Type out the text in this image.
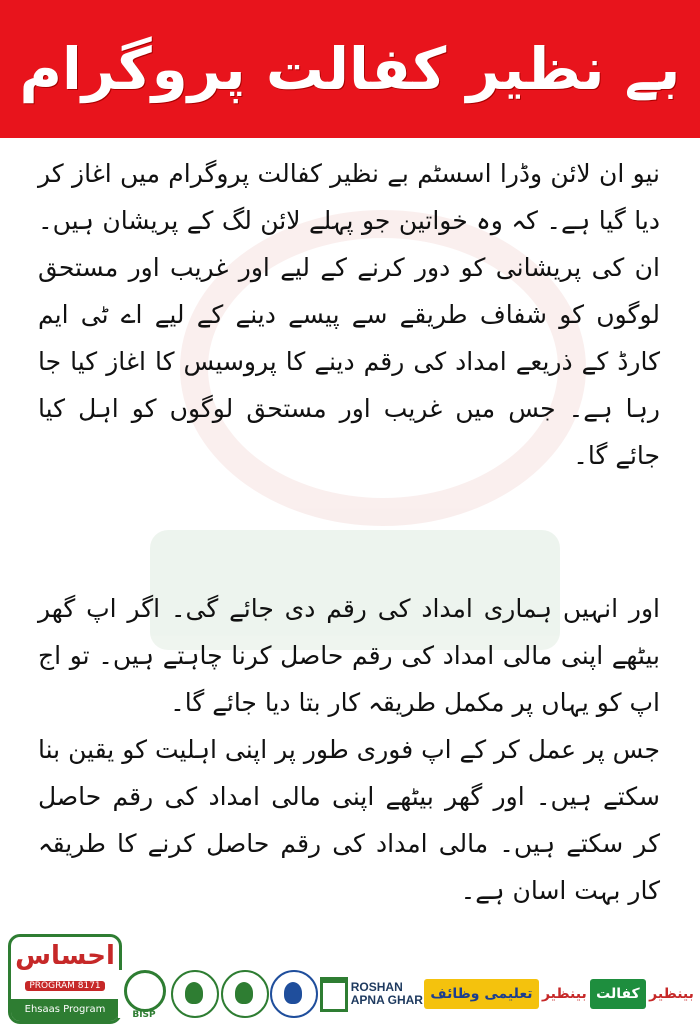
بے نظیر کفالت پروگرام
نیو ان لائن وڈرا اسسٹم بے نظیر کفالت پروگرام میں اغاز کر دیا گیا ہے۔ کہ وہ خواتین جو پہلے لائن لگ کے پریشان ہیں۔ ان کی پریشانی کو دور کرنے کے لیے اور غریب اور مستحق لوگوں کو شفاف طریقے سے پیسے دینے کے لیے اے ٹی ایم کارڈ کے ذریعے امداد کی رقم دینے کا پروسیس کا اغاز کیا جا رہا ہے۔ جس میں غریب اور مستحق لوگوں کو اہل کیا جائے گا۔
اور انہیں ہماری امداد کی رقم دی جائے گی۔ اگر اپ گھر بیٹھے اپنی مالی امداد کی رقم حاصل کرنا چاہتے ہیں۔ تو اج اپ کو یہاں پر مکمل طریقہ کار بتا دیا جائے گا۔
جس پر عمل کر کے اپ فوری طور پر اپنی اہلیت کو یقین بنا سکتے ہیں۔ اور گھر بیٹھے اپنی مالی امداد کی رقم حاصل کر سکتے ہیں۔ مالی امداد کی رقم حاصل کرنے کا طریقہ کار بہت اسان ہے۔
احساس
PROGRAM 8171
Ehsaas Program	BISP
ROSHAN
APNA GHAR تعلیمی وظائف بینظیر کفالت بینظیر
